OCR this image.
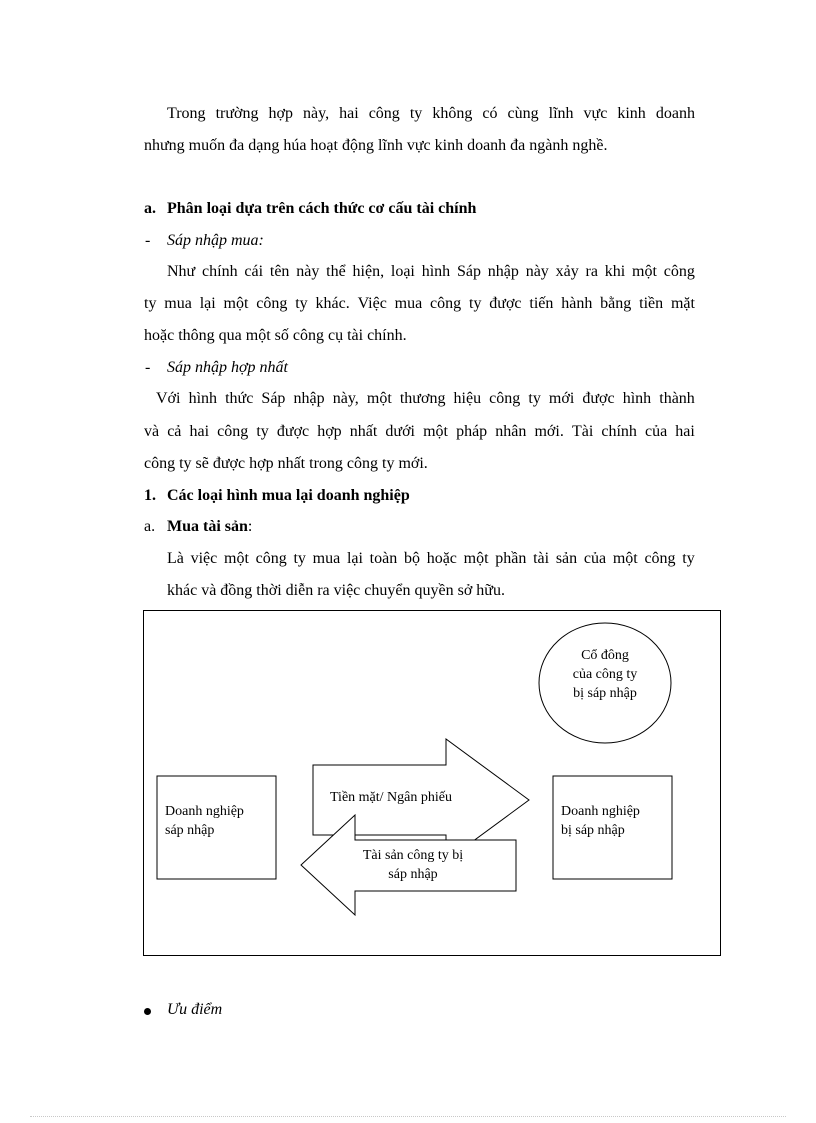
Trong trường hợp này, hai công ty không có cùng lĩnh vực kinh doanh
nhưng muốn đa dạng húa hoạt động lĩnh vực kinh doanh đa ngành nghề.
a. Phân loại dựa trên cách thức cơ cấu tài chính
- Sáp nhập mua:
Như chính cái tên này thể hiện, loại hình Sáp nhập này xảy ra khi một công
ty mua lại một công ty khác. Việc mua công ty được tiến hành bằng tiền mặt
hoặc thông qua một số công cụ tài chính.
- Sáp nhập hợp nhất
Với hình thức Sáp nhập này, một thương hiệu công ty mới được hình thành
và cả hai công ty được hợp nhất dưới một pháp nhân mới. Tài chính của hai
công ty sẽ được hợp nhất trong công ty mới.
1. Các loại hình mua lại doanh nghiệp
a. Mua tài sản:
Là việc một công ty mua lại toàn bộ hoặc một phần tài sản của một công ty
khác và đồng thời diễn ra việc chuyển quyền sở hữu.
Cổ đông
của công ty
bị sáp nhập
Doanh nghiệp
sáp nhập
Doanh nghiệp
bị sáp nhập
Tiền mặt/ Ngân phiếu
Tài sản công ty bị
sáp nhập
Ưu điểm
